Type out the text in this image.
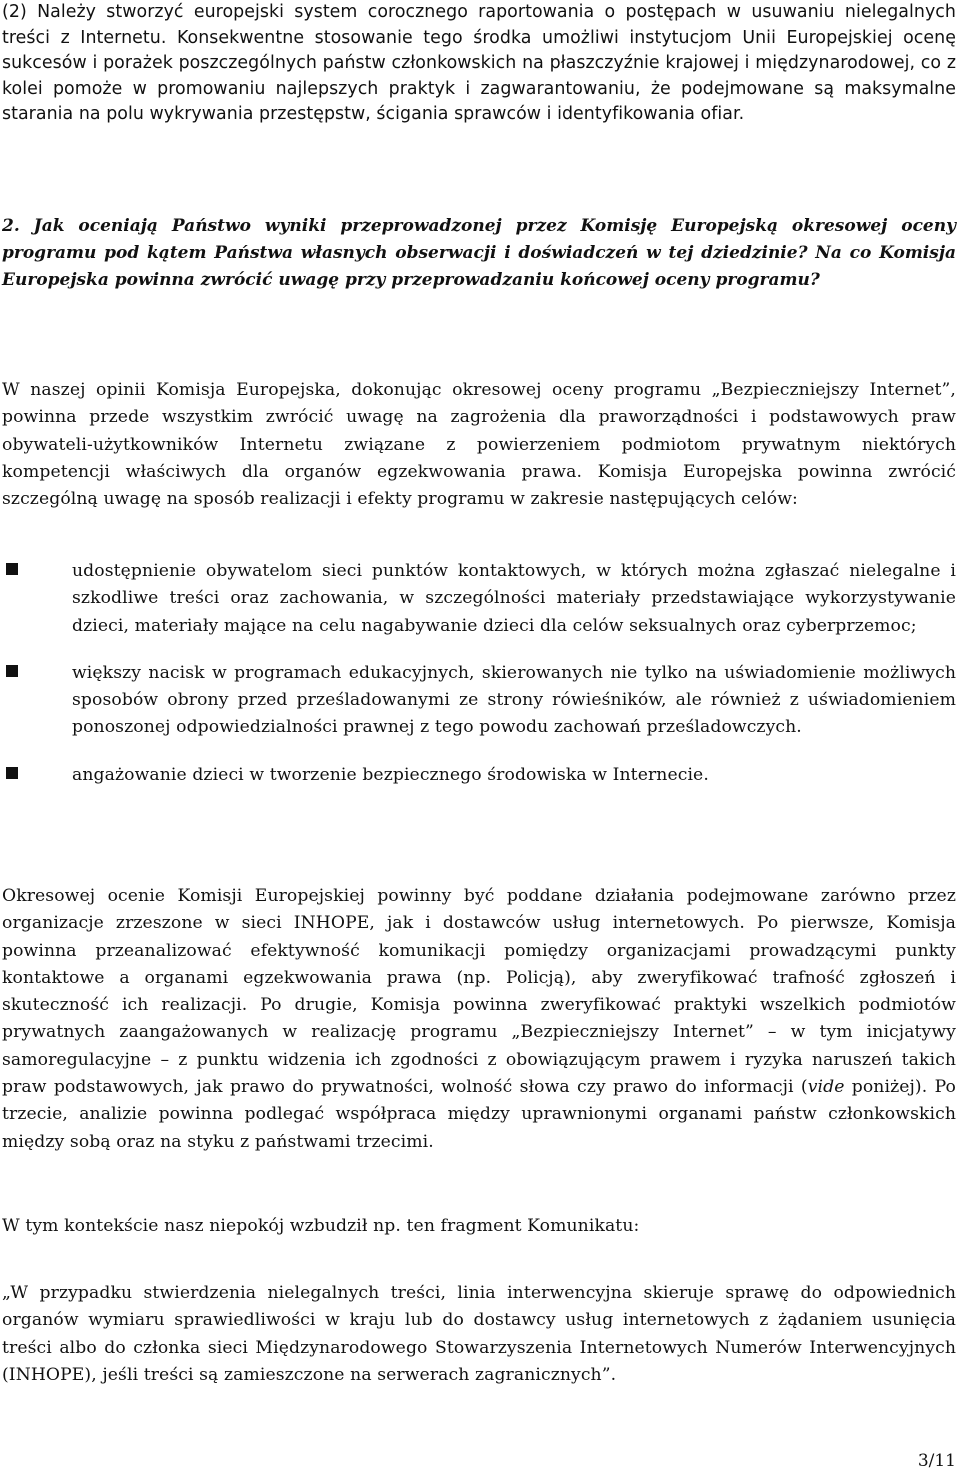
(2) Należy stworzyć europejski system corocznego raportowania o postępach w usuwaniu nielegalnych treści z Internetu. Konsekwentne stosowanie tego środka umożliwi instytucjom Unii Europejskiej ocenę sukcesów i porażek poszczególnych państw członkowskich na płaszczyźnie krajowej i międzynarodowej, co z kolei pomoże w promowaniu najlepszych praktyk i zagwarantowaniu, że podejmowane są maksymalne starania na polu wykrywania przestępstw, ścigania sprawców i identyfikowania ofiar.

2. Jak oceniają Państwo wyniki przeprowadzonej przez Komisję Europejską okresowej oceny programu pod kątem Państwa własnych obserwacji i doświadczeń w tej dziedzinie? Na co Komisja Europejska powinna zwrócić uwagę przy przeprowadzaniu końcowej oceny programu?

W naszej opinii Komisja Europejska, dokonując okresowej oceny programu „Bezpieczniejszy Internet”, powinna przede wszystkim zwrócić uwagę na zagrożenia dla praworządności i podstawowych praw obywateli-użytkowników Internetu związane z powierzeniem podmiotom prywatnym niektórych kompetencji właściwych dla organów egzekwowania prawa. Komisja Europejska powinna zwrócić szczególną uwagę na sposób realizacji i efekty programu w zakresie następujących celów:

udostępnienie obywatelom sieci punktów kontaktowych, w których można zgłaszać nielegalne i szkodliwe treści oraz zachowania, w szczególności materiały przedstawiające wykorzystywanie dzieci, materiały mające na celu nagabywanie dzieci dla celów seksualnych oraz cyberprzemoc;

większy nacisk w programach edukacyjnych, skierowanych nie tylko na uświadomienie możliwych sposobów obrony przed prześladowanymi ze strony rówieśników, ale również z uświadomieniem ponoszonej odpowiedzialności prawnej z tego powodu zachowań prześladowczych.

angażowanie dzieci w tworzenie bezpiecznego środowiska w Internecie.

Okresowej ocenie Komisji Europejskiej powinny być poddane działania podejmowane zarówno przez organizacje zrzeszone w sieci INHOPE, jak i dostawców usług internetowych. Po pierwsze, Komisja powinna przeanalizować efektywność komunikacji pomiędzy organizacjami prowadzącymi punkty kontaktowe a organami egzekwowania prawa (np. Policją), aby zweryfikować trafność zgłoszeń i skuteczność ich realizacji. Po drugie, Komisja powinna zweryfikować praktyki wszelkich podmiotów prywatnych zaangażowanych w realizację programu „Bezpieczniejszy Internet” – w tym inicjatywy samoregulacyjne – z punktu widzenia ich zgodności z obowiązującym prawem i ryzyka naruszeń takich praw podstawowych, jak prawo do prywatności, wolność słowa czy prawo do informacji (vide poniżej). Po trzecie, analizie powinna podlegać współpraca między uprawnionymi organami państw członkowskich między sobą oraz na styku z państwami trzecimi.

W tym kontekście nasz niepokój wzbudził np. ten fragment Komunikatu:

„W przypadku stwierdzenia nielegalnych treści, linia interwencyjna skieruje sprawę do odpowiednich organów wymiaru sprawiedliwości w kraju lub do dostawcy usług internetowych z żądaniem usunięcia treści albo do członka sieci Międzynarodowego Stowarzyszenia Internetowych Numerów Interwencyjnych (INHOPE), jeśli treści są zamieszczone na serwerach zagranicznych”.

3/11
